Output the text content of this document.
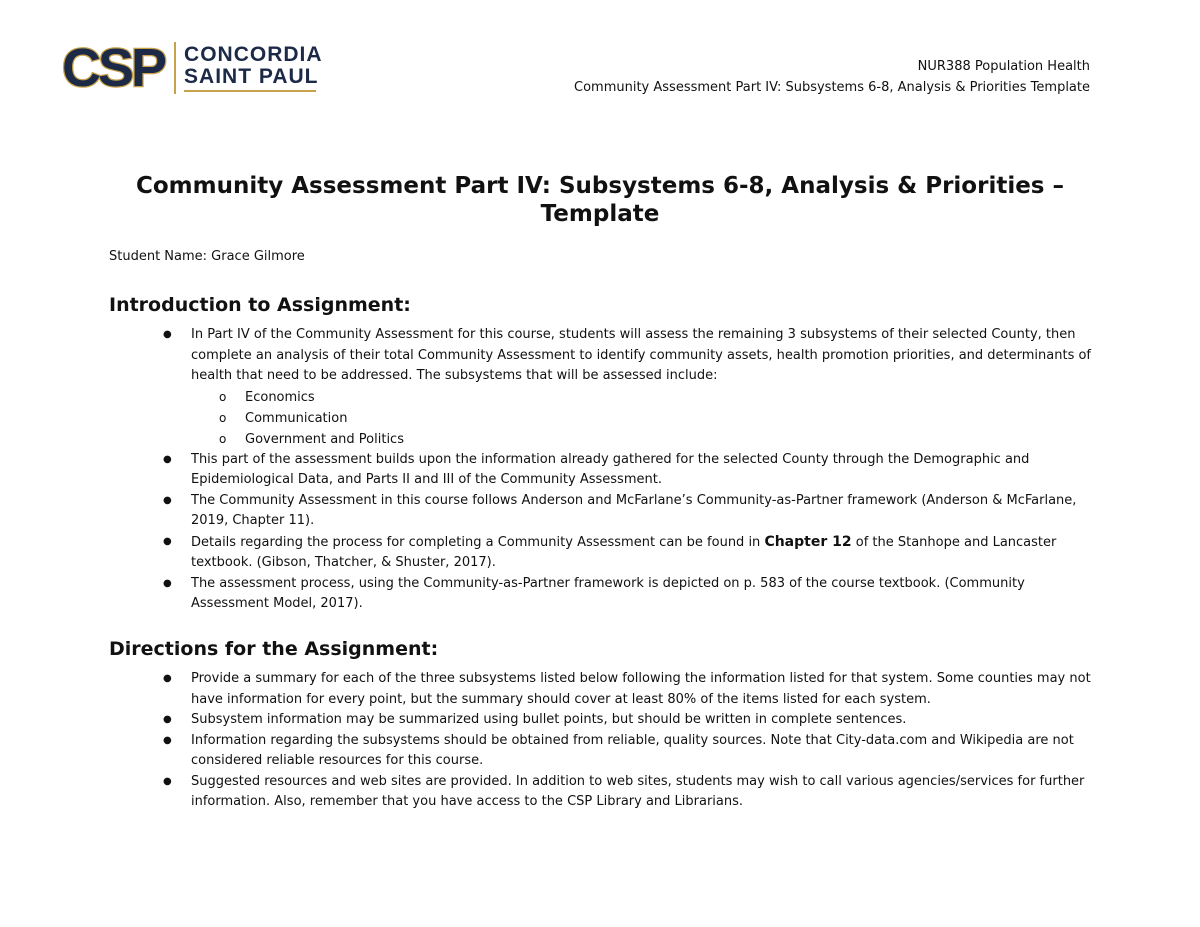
CSP CONCORDIA
SAINT PAUL	NUR388 Population Health
Community Assessment Part IV: Subsystems 6-8, Analysis & Priorities Template
Community Assessment Part IV: Subsystems 6-8, Analysis & Priorities –
Template
Student Name: Grace Gilmore
Introduction to Assignment:
● In Part IV of the Community Assessment for this course, students will assess the remaining 3 subsystems of their selected County, then complete an analysis of their total Community Assessment to identify community assets, health promotion priorities, and determinants of health that need to be addressed. The subsystems that will be assessed include:
o Economics
o Communication
o Government and Politics
● This part of the assessment builds upon the information already gathered for the selected County through the Demographic and Epidemiological Data, and Parts II and III of the Community Assessment.
● The Community Assessment in this course follows Anderson and McFarlane’s Community-as-Partner framework (Anderson & McFarlane, 2019, Chapter 11).
● Details regarding the process for completing a Community Assessment can be found in Chapter 12 of the Stanhope and Lancaster textbook. (Gibson, Thatcher, & Shuster, 2017).
● The assessment process, using the Community-as-Partner framework is depicted on p. 583 of the course textbook. (Community Assessment Model, 2017).
Directions for the Assignment:
● Provide a summary for each of the three subsystems listed below following the information listed for that system. Some counties may not have information for every point, but the summary should cover at least 80% of the items listed for each system.
● Subsystem information may be summarized using bullet points, but should be written in complete sentences.
● Information regarding the subsystems should be obtained from reliable, quality sources. Note that City-data.com and Wikipedia are not considered reliable resources for this course.
● Suggested resources and web sites are provided. In addition to web sites, students may wish to call various agencies/services for further information. Also, remember that you have access to the CSP Library and Librarians.
